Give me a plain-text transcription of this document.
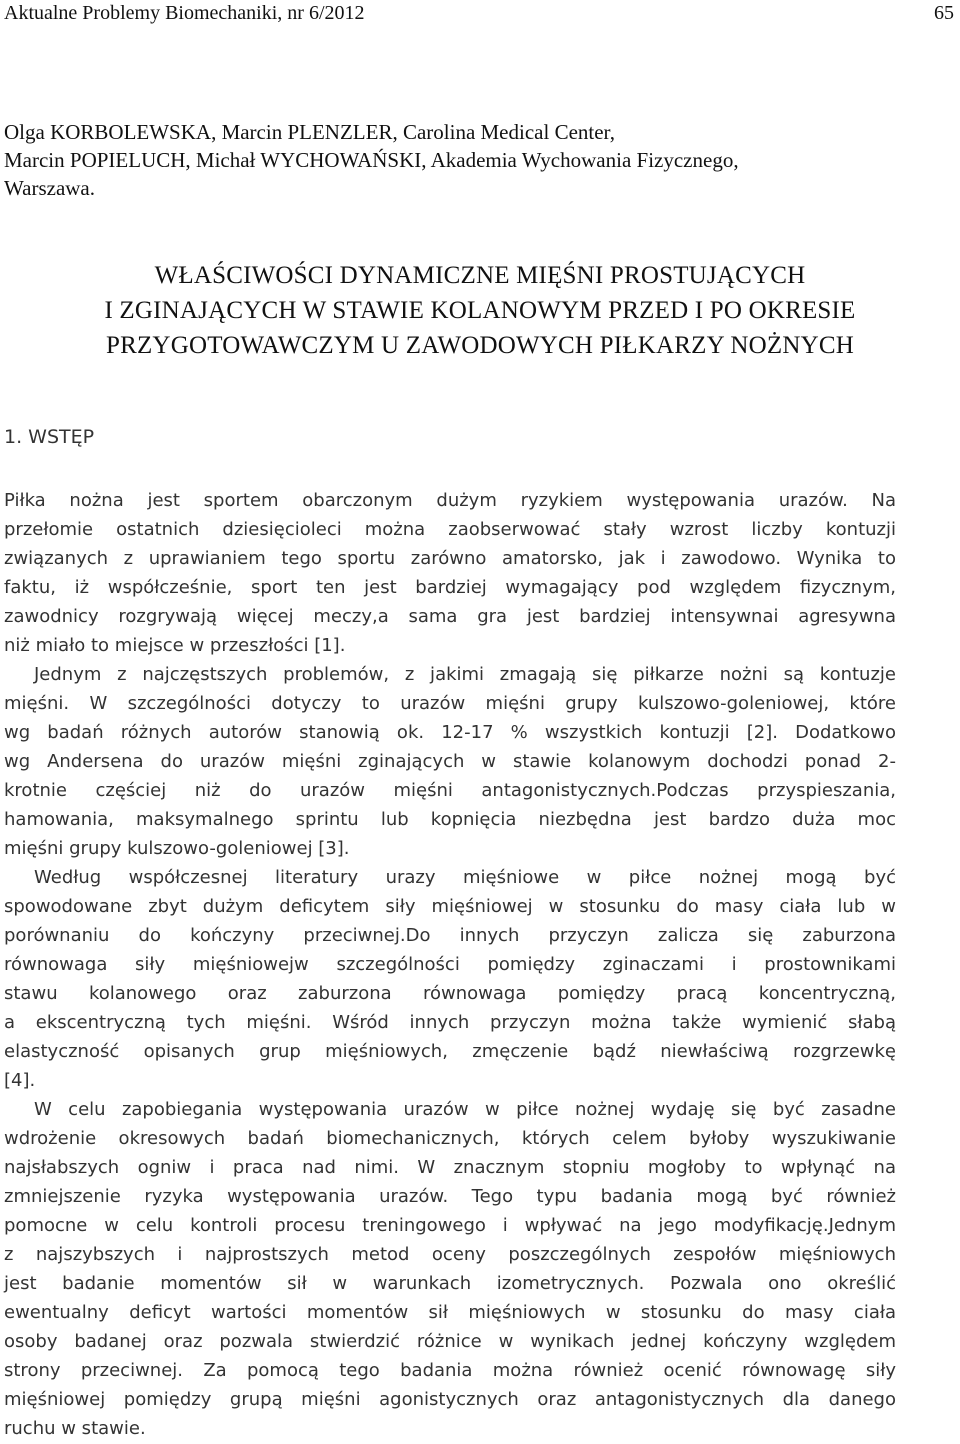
Aktualne Problemy Biomechaniki, nr 6/2012	65
Olga KORBOLEWSKA, Marcin PLENZLER, Carolina Medical Center,
Marcin POPIELUCH, Michał WYCHOWAŃSKI, Akademia Wychowania Fizycznego,
Warszawa.
WŁAŚCIWOŚCI DYNAMICZNE MIĘŚNI PROSTUJĄCYCH
I ZGINAJĄCYCH W STAWIE KOLANOWYM PRZED I PO OKRESIE
PRZYGOTOWAWCZYM U ZAWODOWYCH PIŁKARZY NOŻNYCH
1. WSTĘP
Piłka nożna jest sportem obarczonym dużym ryzykiem występowania urazów. Na
przełomie ostatnich dziesięcioleci można zaobserwować stały wzrost liczby kontuzji
związanych z uprawianiem tego sportu zarówno amatorsko, jak i zawodowo. Wynika to
faktu, iż współcześnie, sport ten jest bardziej wymagający pod względem fizycznym,
zawodnicy rozgrywają więcej meczy,a sama gra jest bardziej intensywnai agresywna
niż miało to miejsce w przeszłości [1].
Jednym z najczęstszych problemów, z jakimi zmagają się piłkarze nożni są kontuzje
mięśni. W szczególności dotyczy to urazów mięśni grupy kulszowo-goleniowej, które
wg badań różnych autorów stanowią ok. 12-17 % wszystkich kontuzji [2]. Dodatkowo
wg Andersena do urazów mięśni zginających w stawie kolanowym dochodzi ponad 2-
krotnie częściej niż do urazów mięśni antagonistycznych.Podczas przyspieszania,
hamowania, maksymalnego sprintu lub kopnięcia niezbędna jest bardzo duża moc
mięśni grupy kulszowo-goleniowej [3].
Według współczesnej literatury urazy mięśniowe w piłce nożnej mogą być
spowodowane zbyt dużym deficytem siły mięśniowej w stosunku do masy ciała lub w
porównaniu do kończyny przeciwnej.Do innych przyczyn zalicza się zaburzona
równowaga siły mięśniowejw szczególności pomiędzy zginaczami i prostownikami
stawu kolanowego oraz zaburzona równowaga pomiędzy pracą koncentryczną,
a ekscentryczną tych mięśni. Wśród innych przyczyn można także wymienić słabą
elastyczność opisanych grup mięśniowych, zmęczenie bądź niewłaściwą rozgrzewkę
[4].
W celu zapobiegania występowania urazów w piłce nożnej wydaję się być zasadne
wdrożenie okresowych badań biomechanicznych, których celem byłoby wyszukiwanie
najsłabszych ogniw i praca nad nimi. W znacznym stopniu mogłoby to wpłynąć na
zmniejszenie ryzyka występowania urazów. Tego typu badania mogą być również
pomocne w celu kontroli procesu treningowego i wpływać na jego modyfikację.Jednym
z najszybszych i najprostszych metod oceny poszczególnych zespołów mięśniowych
jest badanie momentów sił w warunkach izometrycznych. Pozwala ono określić
ewentualny deficyt wartości momentów sił mięśniowych w stosunku do masy ciała
osoby badanej oraz pozwala stwierdzić różnice w wynikach jednej kończyny względem
strony przeciwnej. Za pomocą tego badania można również ocenić równowagę siły
mięśniowej pomiędzy grupą mięśni agonistycznych oraz antagonistycznych dla danego
ruchu w stawie.
